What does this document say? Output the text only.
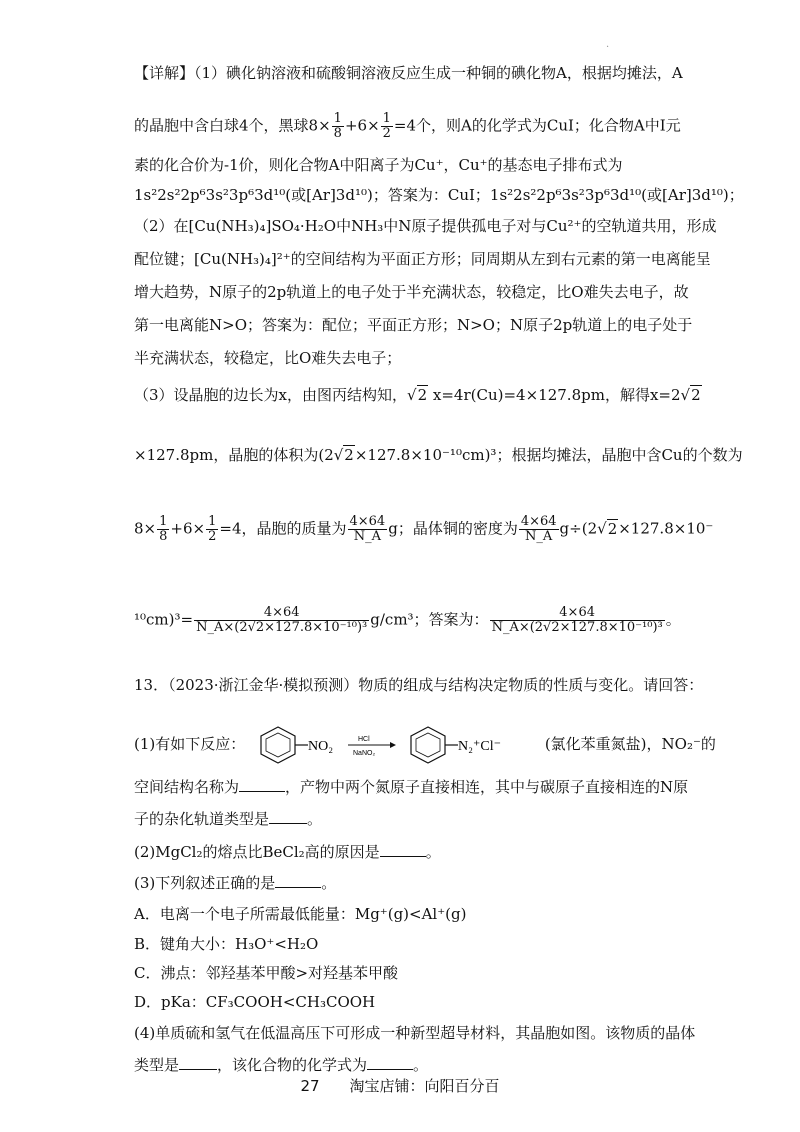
·
【详解】（1）碘化钠溶液和硫酸铜溶液反应生成一种铜的碘化物A，根据均摊法，A
的晶胞中含白球4个，黑球$8\times \frac{1}{8} +6\times \frac{1}{2} =4$个，则A的化学式为CuI；化合物A中I元
素的化合价为-1价，则化合物A中阳离子为Cu⁺，Cu⁺的基态电子排布式为
1s²2s²2p⁶3s²3p⁶3d¹⁰(或[Ar]3d¹⁰)；答案为：CuI；1s²2s²2p⁶3s²3p⁶3d¹⁰(或[Ar]3d¹⁰)；
（2）在[Cu(NH₃)₄]SO₄·H₂O中NH₃中N原子提供孤电子对与Cu²⁺的空轨道共用，形成
配位键；[Cu(NH₃)₄]²⁺的空间结构为平面正方形；同周期从左到右元素的第一电离能呈
增大趋势，N原子的2p轨道上的电子处于半充满状态，较稳定，比O难失去电子，故
第一电离能N>O；答案为：配位；平面正方形；N>O；N原子2p轨道上的电子处于
半充满状态，较稳定，比O难失去电子；
（3）设晶胞的边长为x，由图丙结构知，√2 x=4r(Cu)=4×127.8pm，解得x=2√2
×127.8pm，晶胞的体积为(2√2×127.8×10⁻¹⁰cm)³；根据均摊法，晶胞中含Cu的个数为
$8\times \frac{1}{8} +6\times \frac{1}{2} =4$，晶胞的质量为 $\frac{4\times 64}{N\_A}$ g；晶体铜的密度为 $\frac{4\times 64}{N\_A} g\div(2√2\times 127.8\times 10^-$
$^{10}cm)^3= \frac{4\times 64}{\text{N\_A×(2√2×127.8×10⁻¹⁰)³}} g/cm^3$；答案为： $\frac{4\times 64}{\text{N\_A×(2√2×127.8×10⁻¹⁰)³}}$ 。
13．（2023·浙江金华·模拟预测）物质的组成与结构决定物质的性质与变化。请回答：
(1)有如下反应：	NO₂	HCl
NaNO₂	N₂⁺Cl⁻	(氯化苯重氮盐)，NO₂⁻的
空间结构名称为	，产物中两个氮原子直接相连，其中与碳原子直接相连的N原
子的杂化轨道类型是	。
(2)MgCl₂的熔点比BeCl₂高的原因是	。
(3)下列叙述正确的是	。
A．电离一个电子所需最低能量：Mg⁺(g)<Al⁺(g)
B．键角大小：H₃O⁺<H₂O
C．沸点：邻羟基苯甲酸>对羟基苯甲酸
D．pKa：CF₃COOH<CH₃COOH
(4)单质硫和氢气在低温高压下可形成一种新型超导材料，其晶胞如图。该物质的晶体
类型是	，该化合物的化学式为	。
27　　淘宝店铺：向阳百分百
